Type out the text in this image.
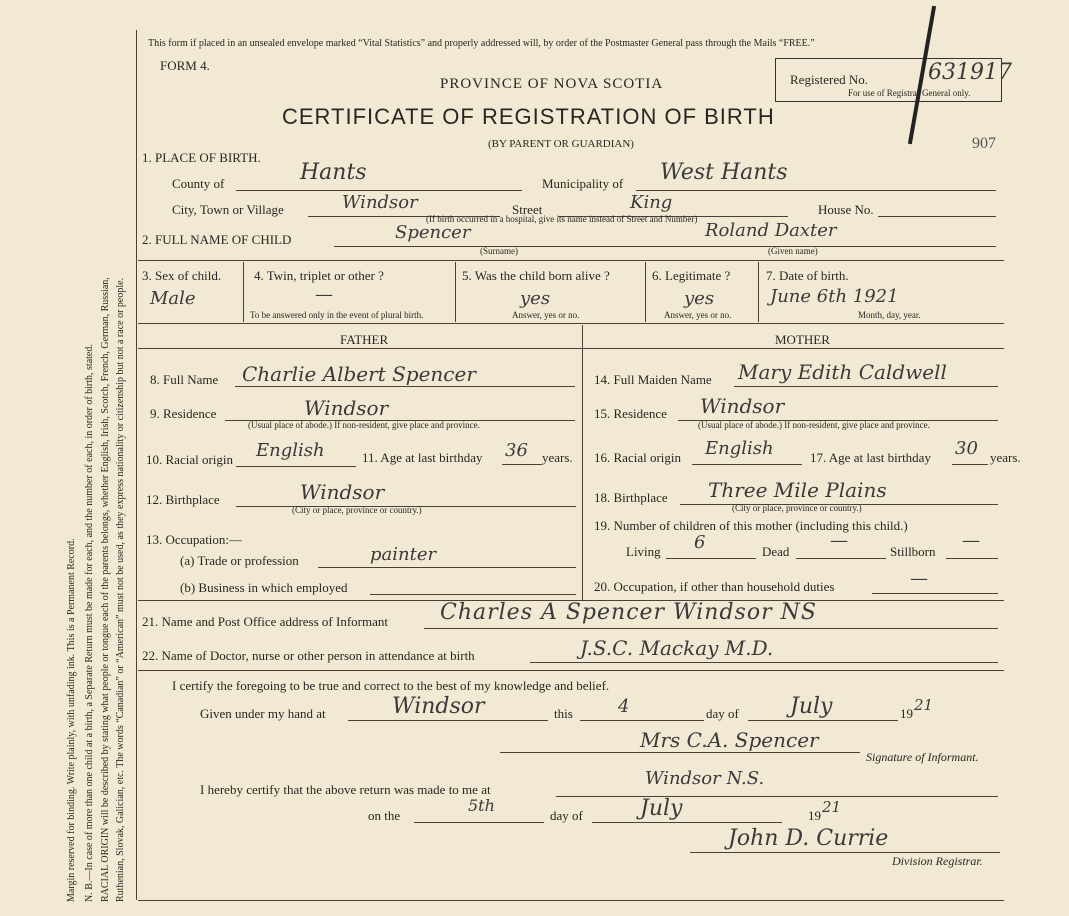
Margin reserved for binding. Write plainly, with unfading ink. This is a Permanent Record. N. B.—In case of more than one child at a birth, a Separate Return must be made for each, and the number of each, in order of birth, stated. RACIAL ORIGIN will be described by stating what people or tongue each of the parents belongs, whether English, Irish, Scotch, French, German, Russian, Ruthenian, Slovak, Galician, etc. The words “Canadian” or “American” must not be used, as they express nationality or citizenship but not a race or people.
This form if placed in an unsealed envelope marked “Vital Statistics” and properly addressed will, by order of the Postmaster General pass through the Mails “FREE.”
FORM 4.
PROVINCE OF NOVA SCOTIA
CERTIFICATE OF REGISTRATION OF BIRTH
(BY PARENT OR GUARDIAN)
Registered No.	631917
For use of Registrar General only.
907
1. PLACE OF BIRTH.
County of	Hants	Municipality of West Hants
City, Town or Village	Windsor	Street	King	House No.
(If birth occurred in a hospital, give its name instead of Street and Number)
2. FULL NAME OF CHILD	Spencer
(Surname)
Roland Daxter
(Given name)
3. Sex of child.
Male
4. Twin, triplet or other ?
—
To be answered only in the event of plural birth.
5. Was the child born alive ?
yes
Answer, yes or no.
6. Legitimate ?
yes
Answer, yes or no.
7. Date of birth.
June 6th 1921
Month, day, year.
FATHER	MOTHER
8. Full Name Charlie Albert Spencer
9. Residence	Windsor
(Usual place of abode.) If non-resident, give place and province.
10. Racial origin English	11. Age at last birthday 36 years.
12. Birthplace	Windsor
(City or place, province or country.)
13. Occupation:—
(a) Trade or profession	painter
(b) Business in which employed
14. Full Maiden Name Mary Edith Caldwell
15. Residence Windsor
(Usual place of abode.) If non-resident, give place and province.
16. Racial origin English	17. Age at last birthday 30 years.
18. Birthplace Three Mile Plains
(City or place, province or country.)
19. Number of children of this mother (including this child.)
Living 6	Dead
—
Stillborn
—
20. Occupation, if other than household duties	—
21. Name and Post Office address of Informant Charles A Spencer Windsor NS
22. Name of Doctor, nurse or other person in attendance at birth	J.S.C. Mackay M.D.
I certify the foregoing to be true and correct to the best of my knowledge and belief.
Given under my hand at	Windsor	this	4	day of July	19 21
Mrs C.A. Spencer
Signature of Informant.
I hereby certify that the above return was made to me at
Windsor N.S.
on the
5th
day of	July	19 21
John D. Currie
Division Registrar.
